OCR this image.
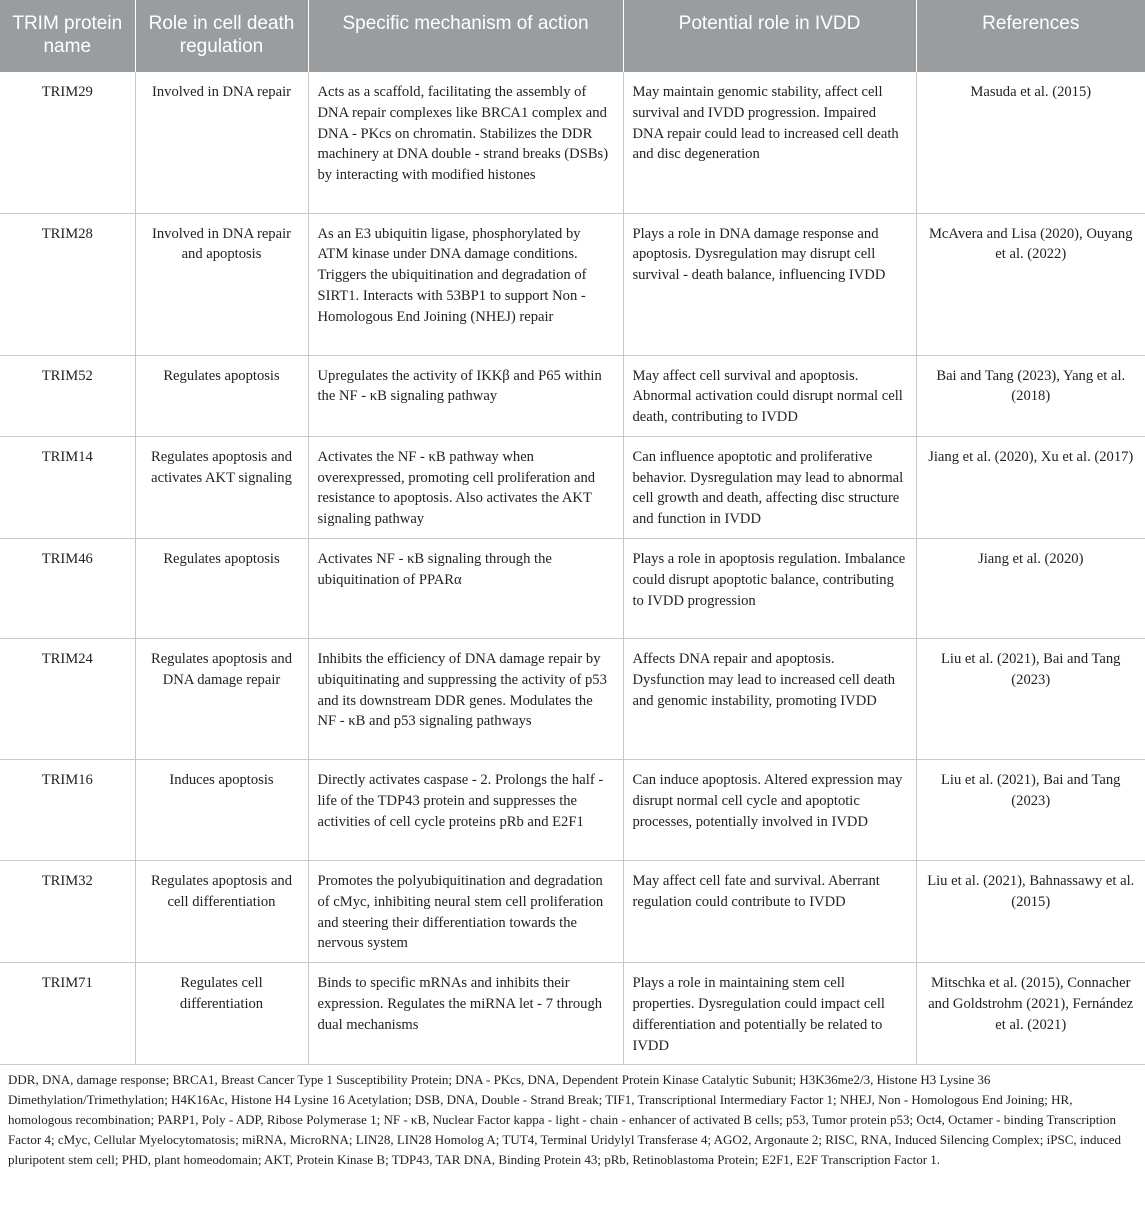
TRIM protein name	Role in cell death regulation	Specific mechanism of action	Potential role in IVDD	References
TRIM29	Involved in DNA repair	Acts as a scaffold, facilitating the assembly of DNA repair complexes like BRCA1 complex and DNA - PKcs on chromatin. Stabilizes the DDR machinery at DNA double - strand breaks (DSBs) by interacting with modified histones	May maintain genomic stability, affect cell survival and IVDD progression. Impaired DNA repair could lead to increased cell death and disc degeneration	Masuda et al. (2015)
TRIM28	Involved in DNA repair and apoptosis	As an E3 ubiquitin ligase, phosphorylated by ATM kinase under DNA damage conditions. Triggers the ubiquitination and degradation of SIRT1. Interacts with 53BP1 to support Non - Homologous End Joining (NHEJ) repair	Plays a role in DNA damage response and apoptosis. Dysregulation may disrupt cell survival - death balance, influencing IVDD	McAvera and Lisa (2020), Ouyang et al. (2022)
TRIM52	Regulates apoptosis	Upregulates the activity of IKKβ and P65 within the NF - κB signaling pathway	May affect cell survival and apoptosis. Abnormal activation could disrupt normal cell death, contributing to IVDD	Bai and Tang (2023), Yang et al. (2018)
TRIM14	Regulates apoptosis and activates AKT signaling	Activates the NF - κB pathway when overexpressed, promoting cell proliferation and resistance to apoptosis. Also activates the AKT signaling pathway	Can influence apoptotic and proliferative behavior. Dysregulation may lead to abnormal cell growth and death, affecting disc structure and function in IVDD	Jiang et al. (2020), Xu et al. (2017)
TRIM46	Regulates apoptosis	Activates NF - κB signaling through the ubiquitination of PPARα	Plays a role in apoptosis regulation. Imbalance could disrupt apoptotic balance, contributing to IVDD progression	Jiang et al. (2020)
TRIM24	Regulates apoptosis and DNA damage repair	Inhibits the efficiency of DNA damage repair by ubiquitinating and suppressing the activity of p53 and its downstream DDR genes. Modulates the NF - κB and p53 signaling pathways	Affects DNA repair and apoptosis. Dysfunction may lead to increased cell death and genomic instability, promoting IVDD	Liu et al. (2021), Bai and Tang (2023)
TRIM16	Induces apoptosis	Directly activates caspase - 2. Prolongs the half - life of the TDP43 protein and suppresses the activities of cell cycle proteins pRb and E2F1	Can induce apoptosis. Altered expression may disrupt normal cell cycle and apoptotic processes, potentially involved in IVDD	Liu et al. (2021), Bai and Tang (2023)
TRIM32	Regulates apoptosis and cell differentiation	Promotes the polyubiquitination and degradation of cMyc, inhibiting neural stem cell proliferation and steering their differentiation towards the nervous system	May affect cell fate and survival. Aberrant regulation could contribute to IVDD	Liu et al. (2021), Bahnassawy et al. (2015)
TRIM71	Regulates cell differentiation	Binds to specific mRNAs and inhibits their expression. Regulates the miRNA let - 7 through dual mechanisms	Plays a role in maintaining stem cell properties. Dysregulation could impact cell differentiation and potentially be related to IVDD	Mitschka et al. (2015), Connacher and Goldstrohm (2021), Fernández et al. (2021)

DDR, DNA, damage response; BRCA1, Breast Cancer Type 1 Susceptibility Protein; DNA - PKcs, DNA, Dependent Protein Kinase Catalytic Subunit; H3K36me2/3, Histone H3 Lysine 36 Dimethylation/Trimethylation; H4K16Ac, Histone H4 Lysine 16 Acetylation; DSB, DNA, Double - Strand Break; TIF1, Transcriptional Intermediary Factor 1; NHEJ, Non - Homologous End Joining; HR, homologous recombination; PARP1, Poly - ADP, Ribose Polymerase 1; NF - κB, Nuclear Factor kappa - light - chain - enhancer of activated B cells; p53, Tumor protein p53; Oct4, Octamer - binding Transcription Factor 4; cMyc, Cellular Myelocytomatosis; miRNA, MicroRNA; LIN28, LIN28 Homolog A; TUT4, Terminal Uridylyl Transferase 4; AGO2, Argonaute 2; RISC, RNA, Induced Silencing Complex; iPSC, induced pluripotent stem cell; PHD, plant homeodomain; AKT, Protein Kinase B; TDP43, TAR DNA, Binding Protein 43; pRb, Retinoblastoma Protein; E2F1, E2F Transcription Factor 1.
